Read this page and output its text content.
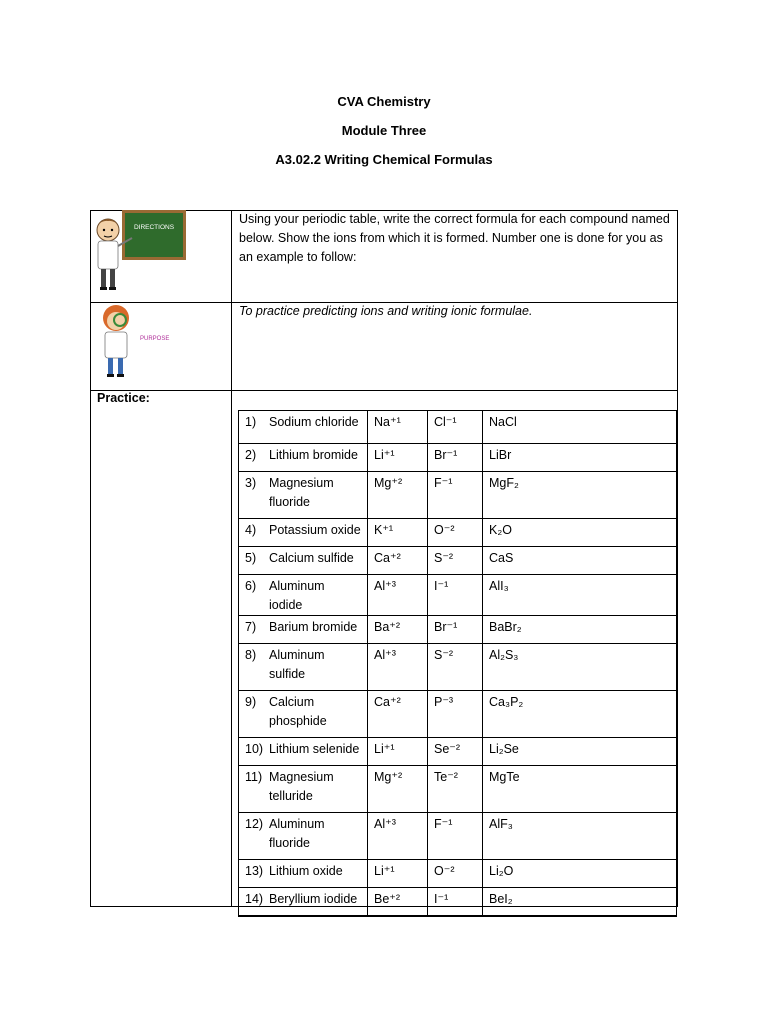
CVA Chemistry
Module Three
A3.02.2 Writing Chemical Formulas
DIRECTIONS
Using your periodic table, write the correct formula for each compound named below. Show the ions from which it is formed. Number one is done for you as an example to follow:
PURPOSE
To practice predicting ions and writing ionic formulae.
Practice:
1) Sodium chloride	Na⁺¹	Cl⁻¹	NaCl

2) Lithium bromide	Li⁺¹	Br⁻¹	LiBr

3) Magnesium fluoride	Mg⁺²	F⁻¹	MgF₂

4) Potassium oxide	K⁺¹	O⁻²	K₂O

5) Calcium sulfide	Ca⁺²	S⁻²	CaS

6) Aluminum iodide	Al⁺³	I⁻¹	AlI₃

7) Barium bromide	Ba⁺²	Br⁻¹	BaBr₂

8) Aluminum sulfide	Al⁺³	S⁻²	Al₂S₃

9) Calcium phosphide	Ca⁺²	P⁻³	Ca₃P₂

10) Lithium selenide	Li⁺¹	Se⁻²	Li₂Se

11) Magnesium telluride	Mg⁺²	Te⁻²	MgTe

12) Aluminum fluoride	Al⁺³	F⁻¹	AlF₃

13) Lithium oxide	Li⁺¹	O⁻²	Li₂O

14) Beryllium iodide	Be⁺²	I⁻¹	BeI₂
